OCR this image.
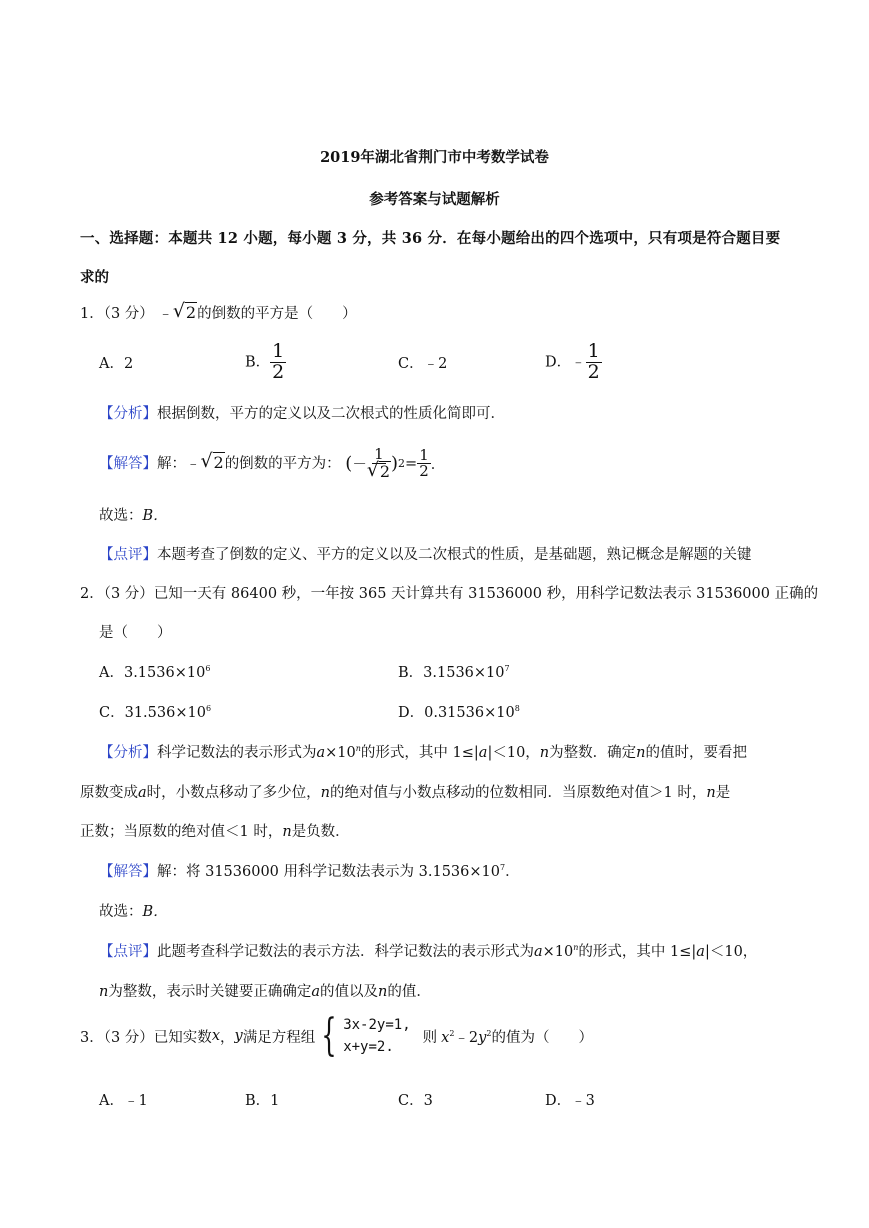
2019年湖北省荆门市中考数学试卷
参考答案与试题解析
一、选择题：本题共 12 小题，每小题 3 分，共 36 分．在每小题给出的四个选项中，只有项是符合题目要
求的
1．（3 分） ﹣ √ 2的倒数的平方是（　　）
A．2	B． $\frac{1}{2}$	C．﹣2	D．﹣ $\frac{1}{2}$
【分析】根据倒数，平方的定义以及二次根式的性质化简即可．
【解答】解：﹣ √ 2的倒数的平方为： ( － 1
√ 2 ) $2 = \frac{1}{2}$ ．
故选：B．
【点评】本题考查了倒数的定义、平方的定义以及二次根式的性质，是基础题，熟记概念是解题的关键
2．（3 分）已知一天有 86400 秒，一年按 365 天计算共有 31536000 秒，用科学记数法表示 31536000 正确的
是（　　）
A．$3.1536\times 10^6$	B．$3.1536\times 10^7$
C．$31.536\times 10^6$	D．$0.31536\times 10^8$
【分析】科学记数法的表示形式为$a\times 10^n$的形式，其中 1≤|a|＜10，n为整数．确定n的值时，要看把
原数变成a时，小数点移动了多少位，n的绝对值与小数点移动的位数相同．当原数绝对值＞1 时，n是
正数；当原数的绝对值＜1 时，n是负数．
【解答】解：将 31536000 用科学记数法表示为 $3.1536\times 10^7$．
故选：B．
【点评】此题考查科学记数法的表示方法．科学记数法的表示形式为$a\times 10^n$的形式，其中 1≤|a|＜10，
n为整数，表示时关键要正确确定a的值以及n的值．
3．（3 分）已知实数 x ， y 满足方程组 { 3x-2y=1,
x+y=2.
则 $x^2﹣2y^2$ 的值为（　　）
A．﹣1	B．1	C．3	D．﹣3
